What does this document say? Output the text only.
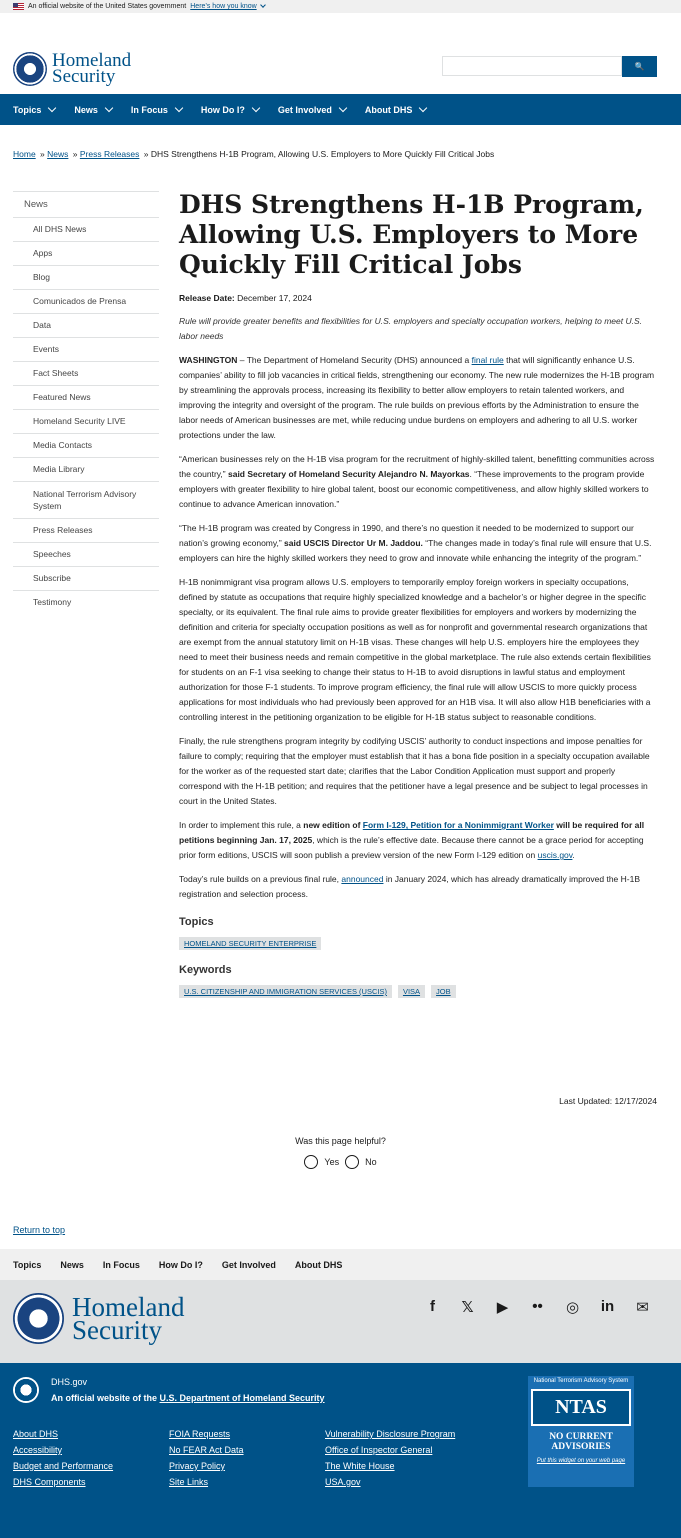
An official website of the United States government Here’s how you know
Homeland
Security	🔍
Topics	News	In Focus	How Do I?	Get Involved	About DHS
Home » News » Press Releases » DHS Strengthens H-1B Program, Allowing U.S. Employers to More Quickly Fill Critical Jobs
News
All DHS News
Apps
Blog
Comunicados de Prensa
Data
Events
Fact Sheets
Featured News
Homeland Security LIVE
Media Contacts
Media Library
National Terrorism Advisory System
Press Releases
Speeches
Subscribe
Testimony
DHS Strengthens H-1B Program, Allowing U.S. Employers to More Quickly Fill Critical Jobs
Release Date: December 17, 2024
Rule will provide greater benefits and flexibilities for U.S. employers and specialty occupation workers, helping to meet U.S. labor needs
WASHINGTON – The Department of Homeland Security (DHS) announced a final rule that will significantly enhance U.S. companies’ ability to fill job vacancies in critical fields, strengthening our economy. The new rule modernizes the H-1B program by streamlining the approvals process, increasing its flexibility to better allow employers to retain talented workers, and improving the integrity and oversight of the program. The rule builds on previous efforts by the Administration to ensure the labor needs of American businesses are met, while reducing undue burdens on employers and adhering to all U.S. worker protections under the law.
“American businesses rely on the H-1B visa program for the recruitment of highly-skilled talent, benefitting communities across the country,” said Secretary of Homeland Security Alejandro N. Mayorkas. “These improvements to the program provide employers with greater flexibility to hire global talent, boost our economic competitiveness, and allow highly skilled workers to continue to advance American innovation.”
“The H-1B program was created by Congress in 1990, and there’s no question it needed to be modernized to support our nation’s growing economy,” said USCIS Director Ur M. Jaddou. “The changes made in today’s final rule will ensure that U.S. employers can hire the highly skilled workers they need to grow and innovate while enhancing the integrity of the program.”
H-1B nonimmigrant visa program allows U.S. employers to temporarily employ foreign workers in specialty occupations, defined by statute as occupations that require highly specialized knowledge and a bachelor’s or higher degree in the specific specialty, or its equivalent. The final rule aims to provide greater flexibilities for employers and workers by modernizing the definition and criteria for specialty occupation positions as well as for nonprofit and governmental research organizations that are exempt from the annual statutory limit on H-1B visas. These changes will help U.S. employers hire the employees they need to meet their business needs and remain competitive in the global marketplace. The rule also extends certain flexibilities for students on an F-1 visa seeking to change their status to H-1B to avoid disruptions in lawful status and employment authorization for those F-1 students. To improve program efficiency, the final rule will allow USCIS to more quickly process applications for most individuals who had previously been approved for an H1B visa. It will also allow H1B beneficiaries with a controlling interest in the petitioning organization to be eligible for H-1B status subject to reasonable conditions.
Finally, the rule strengthens program integrity by codifying USCIS’ authority to conduct inspections and impose penalties for failure to comply; requiring that the employer must establish that it has a bona fide position in a specialty occupation available for the worker as of the requested start date; clarifies that the Labor Condition Application must support and properly correspond with the H-1B petition; and requires that the petitioner have a legal presence and be subject to legal processes in court in the United States.
In order to implement this rule, a new edition of Form I-129, Petition for a Nonimmigrant Worker will be required for all petitions beginning Jan. 17, 2025, which is the rule’s effective date. Because there cannot be a grace period for accepting prior form editions, USCIS will soon publish a preview version of the new Form I-129 edition on uscis.gov.
Today’s rule builds on a previous final rule, announced in January 2024, which has already dramatically improved the H-1B registration and selection process.
Topics
HOMELAND SECURITY ENTERPRISE
Keywords
U.S. CITIZENSHIP AND IMMIGRATION SERVICES (USCIS)	VISA	JOB
Last Updated: 12/17/2024
Was this page helpful?
Yes	No
Return to top
Topics News In Focus How Do I? Get Involved About DHS
Homeland
Security
f	𝕏	▶	••	◎	in	✉
DHS.gov
An official website of the U.S. Department of Homeland Security
About DHS	FOIA Requests	Vulnerability Disclosure Program
Accessibility	No FEAR Act Data	Office of Inspector General
Budget and Performance	Privacy Policy	The White House
DHS Components	Site Links	USA.gov
National Terrorism Advisory System
NTAS
NO CURRENT ADVISORIES
Put this widget on your web page
